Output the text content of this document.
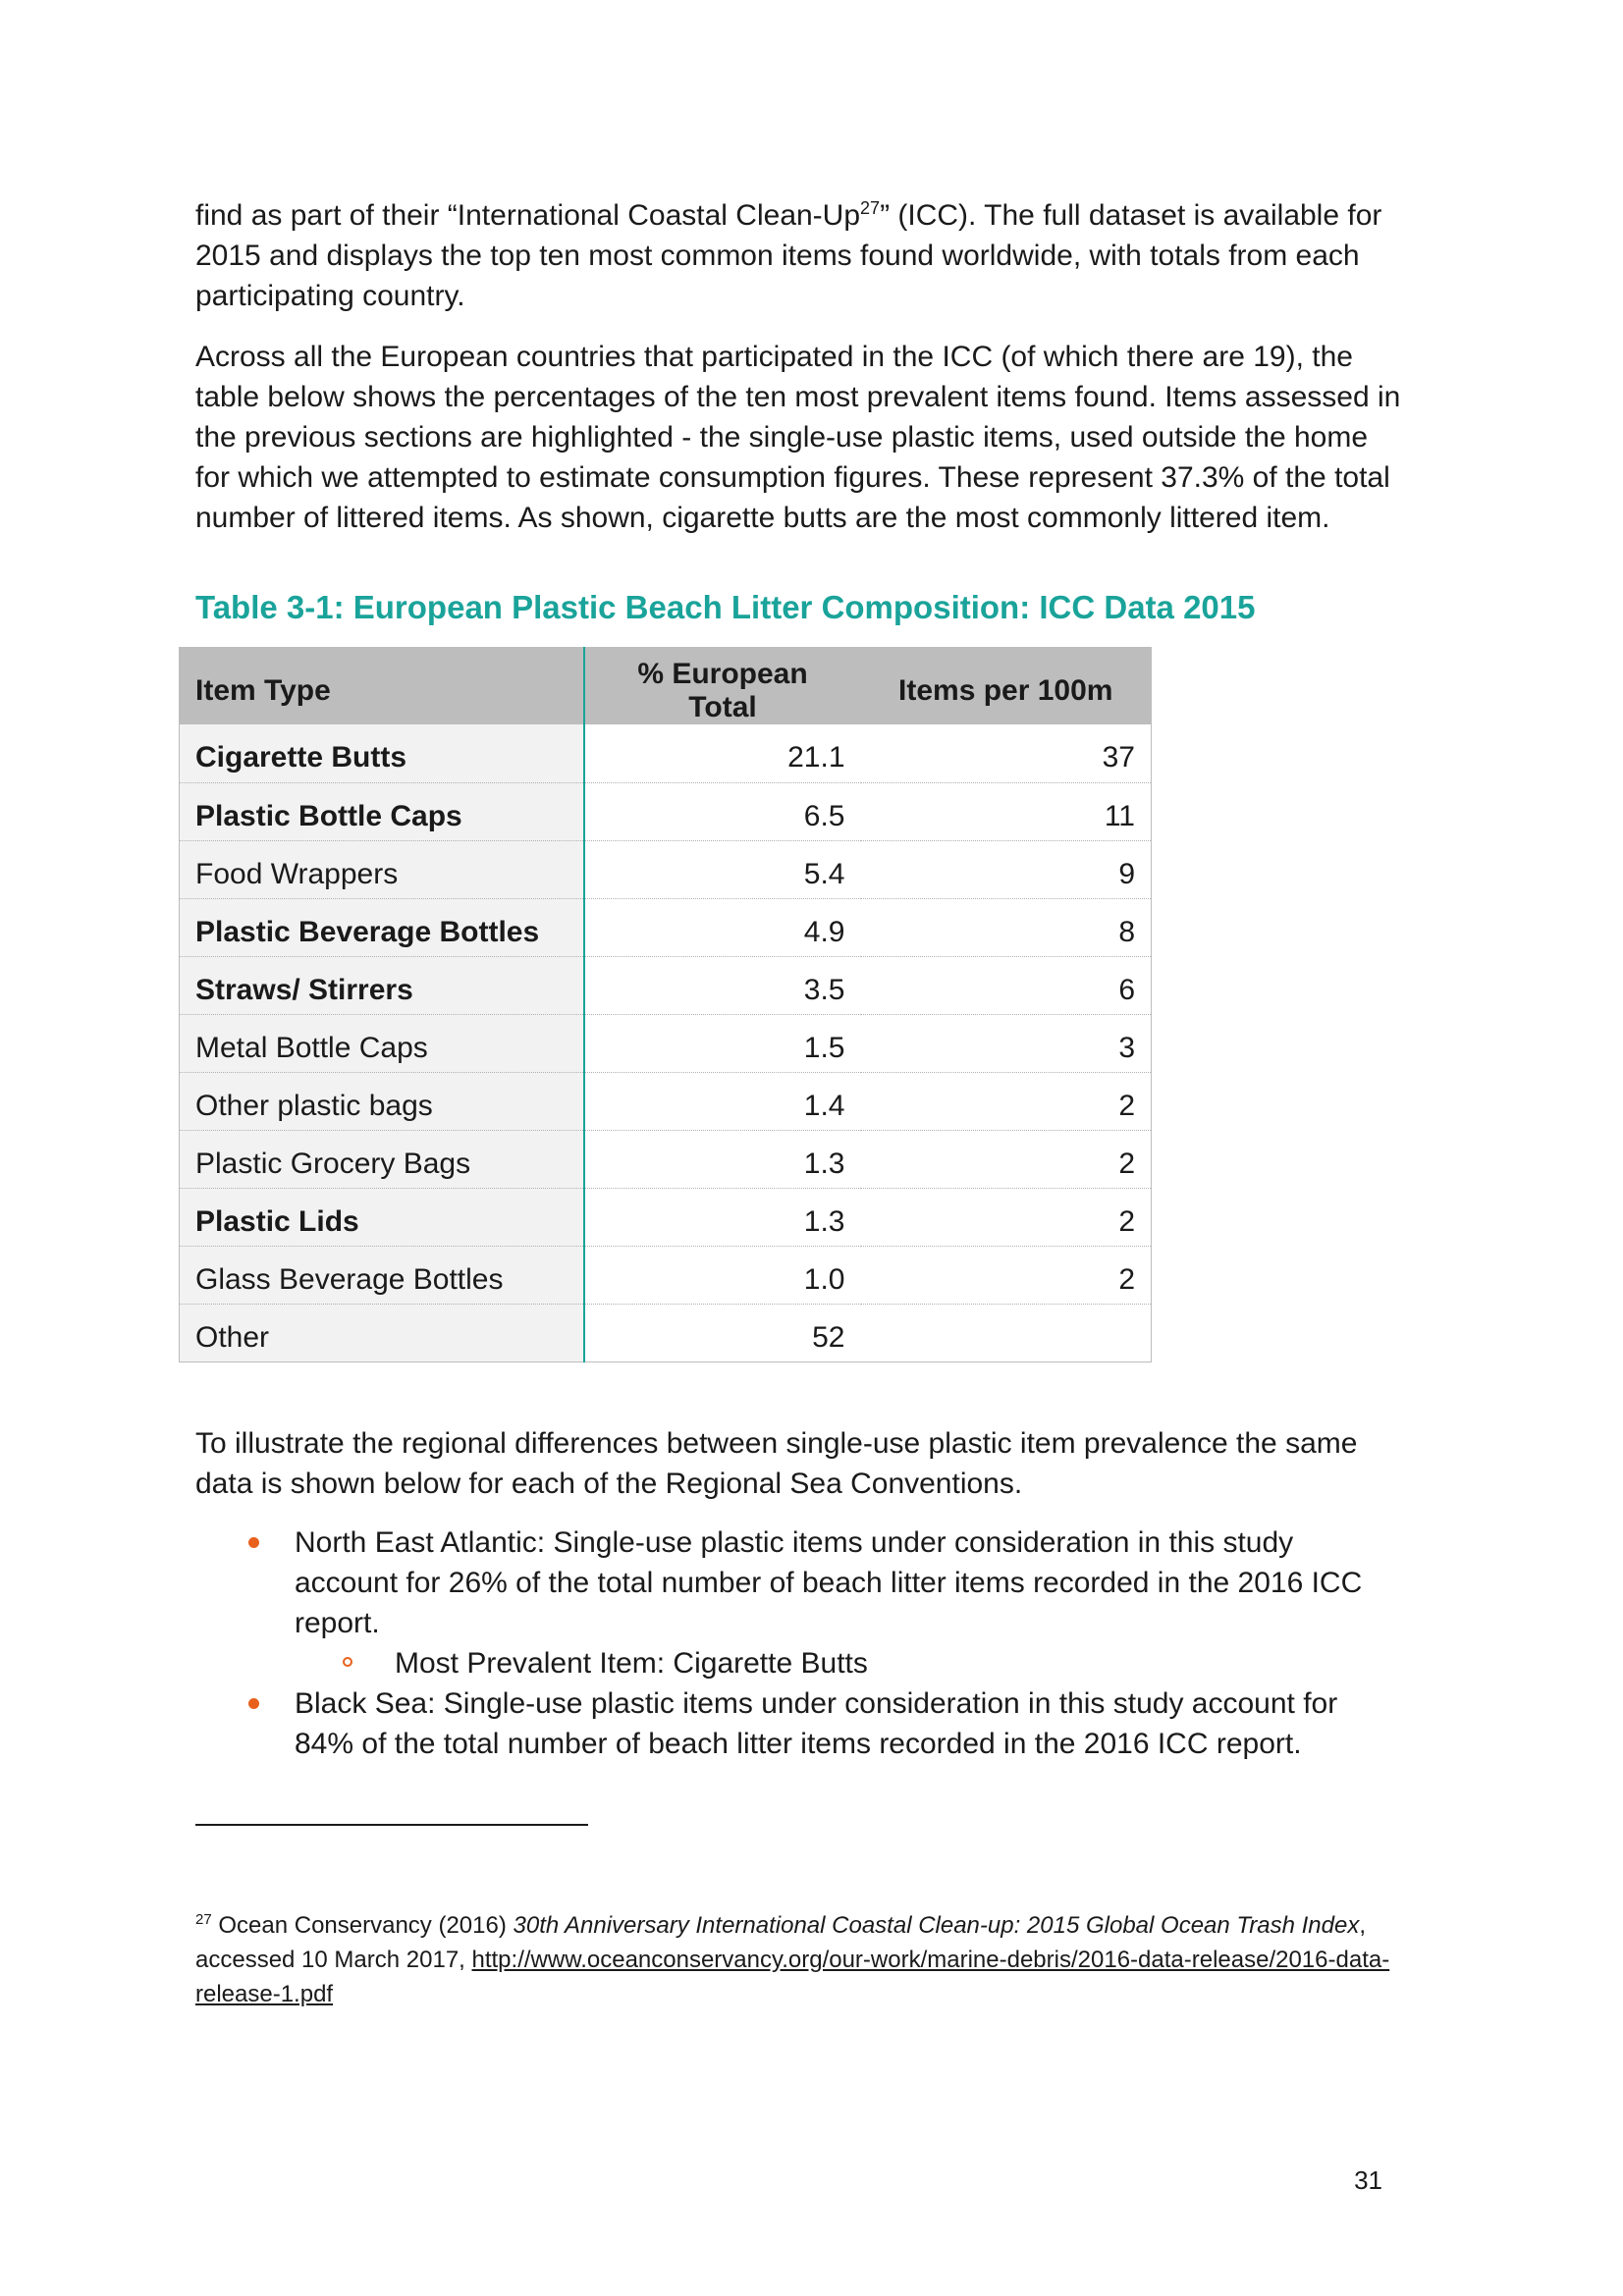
find as part of their “International Coastal Clean-Up$^{27}$” (ICC). The full dataset is available for 2015 and displays the top ten most common items found worldwide, with totals from each participating country.

Across all the European countries that participated in the ICC (of which there are 19), the table below shows the percentages of the ten most prevalent items found. Items assessed in the previous sections are highlighted - the single-use plastic items, used outside the home for which we attempted to estimate consumption figures. These represent 37.3% of the total number of littered items. As shown, cigarette butts are the most commonly littered item.

Table 3-1: European Plastic Beach Litter Composition: ICC Data 2015

Item Type	% European Total	Items per 100m
Cigarette Butts	21.1	37
Plastic Bottle Caps	6.5	11
Food Wrappers	5.4	9
Plastic Beverage Bottles	4.9	8
Straws/ Stirrers	3.5	6
Metal Bottle Caps	1.5	3
Other plastic bags	1.4	2
Plastic Grocery Bags	1.3	2
Plastic Lids	1.3	2
Glass Beverage Bottles	1.0	2
Other	52	

To illustrate the regional differences between single-use plastic item prevalence the same data is shown below for each of the Regional Sea Conventions.

North East Atlantic: Single-use plastic items under consideration in this study account for 26% of the total number of beach litter items recorded in the 2016 ICC report.
Most Prevalent Item: Cigarette Butts
Black Sea: Single-use plastic items under consideration in this study account for 84% of the total number of beach litter items recorded in the 2016 ICC report.

$^{27}$ Ocean Conservancy (2016) 30th Anniversary International Coastal Clean-up: 2015 Global Ocean Trash Index, accessed 10 March 2017, http://www.oceanconservancy.org/our-work/marine-debris/2016-data-release/2016-data-release-1.pdf

31
